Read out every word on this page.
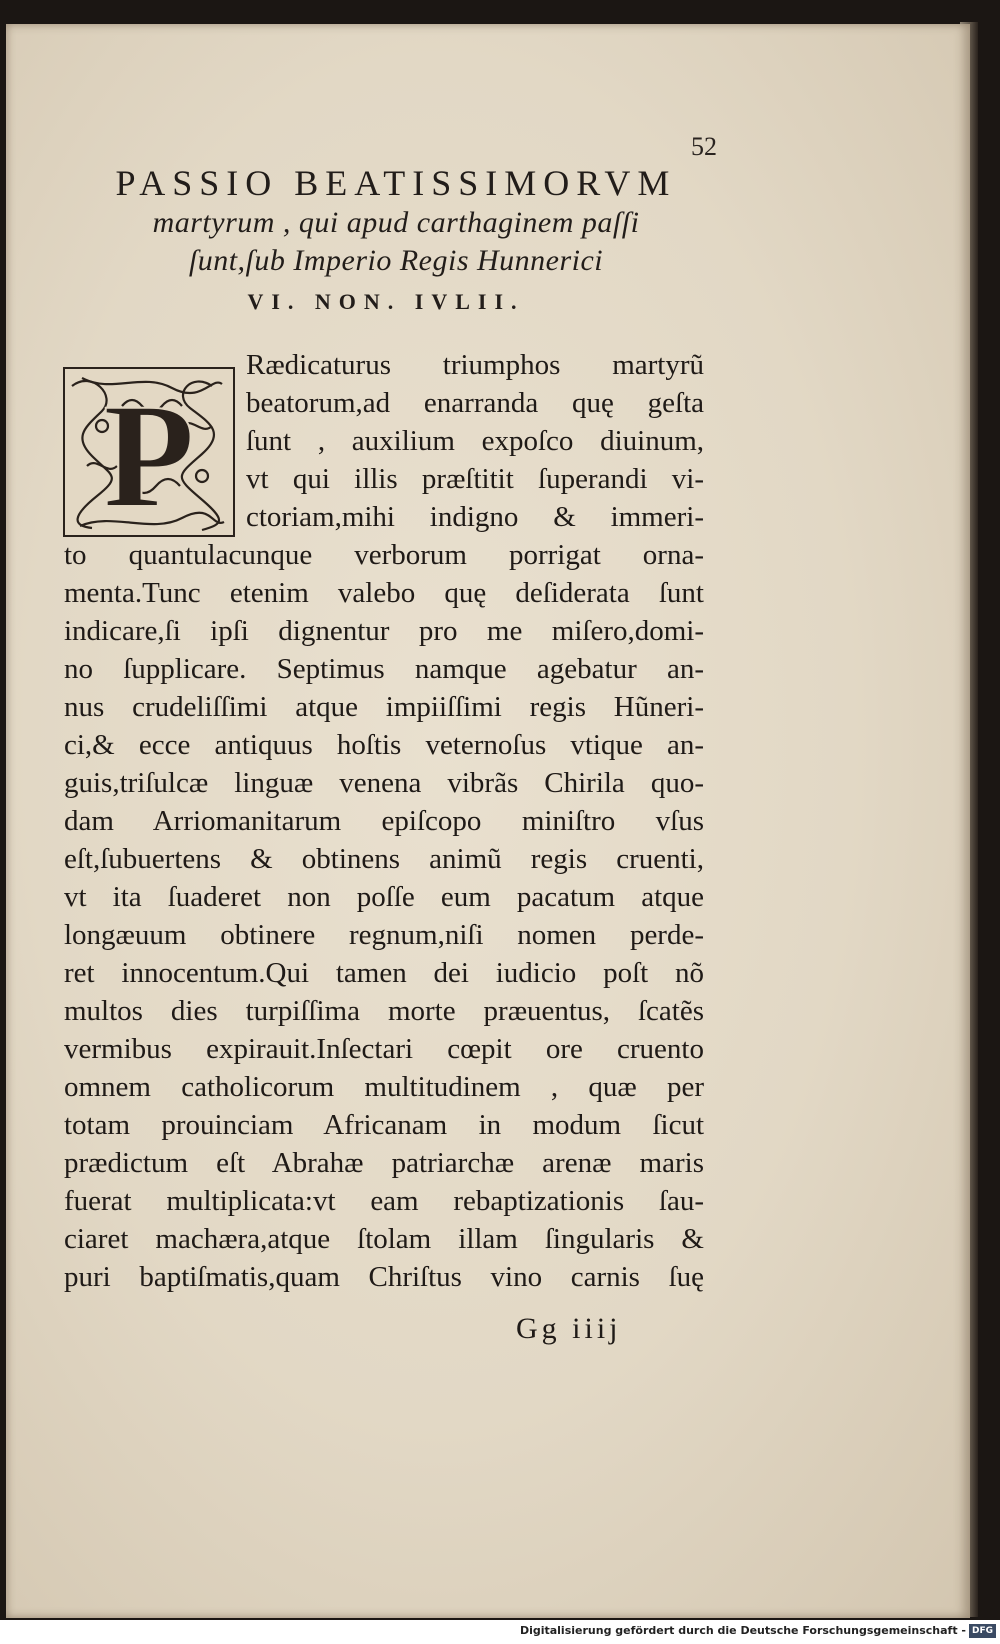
52
PASSIO BEATISSIMORVM
martyrum , qui apud carthaginem paſſi
ſunt,ſub Imperio Regis Hunnerici
VI. NON. IVLII.
P
Rædicaturus triumphos martyrũ
beatorum,ad enarranda quę geſta
ſunt , auxilium expoſco diuinum,
vt qui illis præſtitit ſuperandi vi-
ctoriam,mihi indigno & immeri-
to quantulacunque verborum porrigat orna-
menta.Tunc etenim valebo quę deſiderata ſunt
indicare,ſi ipſi dignentur pro me miſero,domi-
no ſupplicare. Septimus namque agebatur an-
nus crudeliſſimi atque impiiſſimi regis Hũneri-
ci,& ecce antiquus hoſtis veternoſus vtique an-
guis,triſulcæ linguæ venena vibrãs Chirila quo-
dam Arriomanitarum epiſcopo miniſtro vſus
eſt,ſubuertens & obtinens animũ regis cruenti,
vt ita ſuaderet non poſſe eum pacatum atque
longæuum obtinere regnum,niſi nomen perde-
ret innocentum.Qui tamen dei iudicio poſt nõ
multos dies turpiſſima morte præuentus, ſcatẽs
vermibus expirauit.Inſectari cœpit ore cruento
omnem catholicorum multitudinem , quæ per
totam prouinciam Africanam in modum ſicut
prædictum eſt Abrahæ patriarchæ arenæ maris
fuerat multiplicata:vt eam rebaptizationis ſau-
ciaret machæra,atque ſtolam illam ſingularis &
puri baptiſmatis,quam Chriſtus vino carnis ſuę
Gg iiij
Digitalisierung gefördert durch die Deutsche Forschungsgemeinschaft - DFG
